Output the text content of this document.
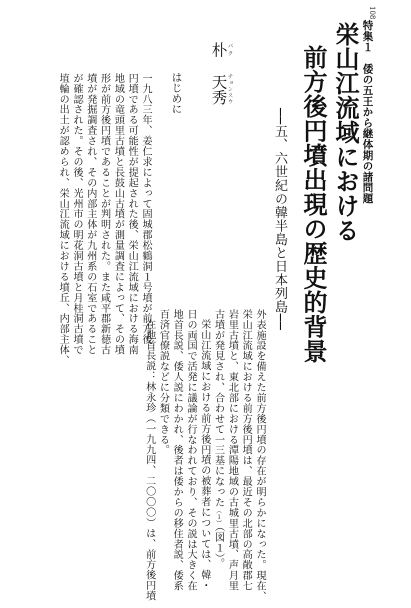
108
特集１　倭の五王から継体期の諸問題
栄山江流域における
前方後円墳出現の歴史的背景
──五、六世紀の韓半島と日本列島──
朴 パク天秀 チョンスウ
はじめに
一九八三年、姜仁求によって固城郡松鶴洞１号墳が前方後
円墳である可能性が提起された後、栄山江流域における海南
地域の竜頭里古墳と長鼓山古墳が測量調査によって、その墳
形が前方後円墳であることが判明された。また咸平郡新徳古
墳が発掘調査され、その内部主体が九州系の石室であること
が確認された。その後、光州市の明花洞古墳と月桂洞古墳で
埴輪の出土が認められ、栄山江流域における墳丘、内部主体、
外表施設を備えた前方後円墳の存在が明らかになった。現在、
栄山江流域における前方後円墳は、最近その北部の高敞郡七
岩里古墳と、東北部における潭陽地域の古城里古墳、声月里
古墳が発見され、合わせて一三基になった（１）（図１）。
栄山江流域における前方後円墳の被葬者については、韓・
日の両国で活発に議論が行なわれており、その説は大きく在
地首長説、倭人説にわかれ、後者は倭からの移住者説、倭系
百済官僚説などに分類できる。
在地首長説：林永珍（一九九四、二〇〇〇）は、前方後円墳
